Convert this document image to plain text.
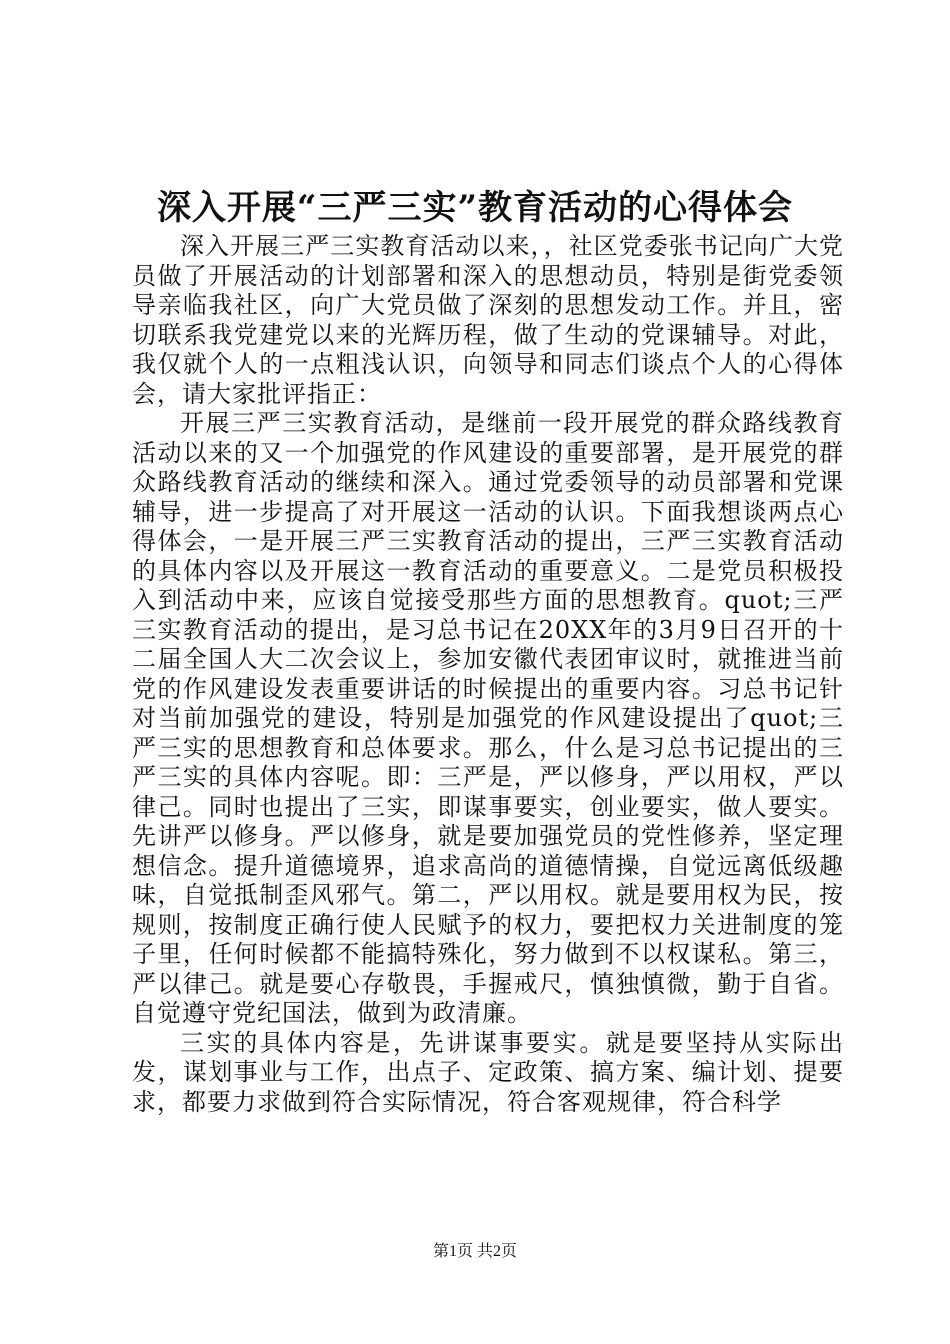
深入开展“三严三实”教育活动的心得体会

深入开展三严三实教育活动以来，，社区党委张书记向广大党员做了开展活动的计划部署和深入的思想动员，特别是街党委领导亲临我社区，向广大党员做了深刻的思想发动工作。并且，密切联系我党建党以来的光辉历程，做了生动的党课辅导。对此，我仅就个人的一点粗浅认识，向领导和同志们谈点个人的心得体会，请大家批评指正：

开展三严三实教育活动，是继前一段开展党的群众路线教育活动以来的又一个加强党的作风建设的重要部署，是开展党的群众路线教育活动的继续和深入。通过党委领导的动员部署和党课辅导，进一步提高了对开展这一活动的认识。下面我想谈两点心得体会，一是开展三严三实教育活动的提出，三严三实教育活动的具体内容以及开展这一教育活动的重要意义。二是党员积极投入到活动中来，应该自觉接受那些方面的思想教育。quot;三严三实教育活动的提出，是习总书记在20XX年的3月9日召开的十二届全国人大二次会议上，参加安徽代表团审议时，就推进当前党的作风建设发表重要讲话的时候提出的重要内容。习总书记针对当前加强党的建设，特别是加强党的作风建设提出了quot;三严三实的思想教育和总体要求。那么，什么是习总书记提出的三严三实的具体内容呢。即：三严是，严以修身，严以用权，严以律己。同时也提出了三实，即谋事要实，创业要实，做人要实。先讲严以修身。严以修身，就是要加强党员的党性修养，坚定理想信念。提升道德境界，追求高尚的道德情操，自觉远离低级趣味，自觉抵制歪风邪气。第二，严以用权。就是要用权为民，按规则，按制度正确行使人民赋予的权力，要把权力关进制度的笼子里，任何时候都不能搞特殊化，努力做到不以权谋私。第三，严以律己。就是要心存敬畏，手握戒尺，慎独慎微，勤于自省。自觉遵守党纪国法，做到为政清廉。

三实的具体内容是，先讲谋事要实。就是要坚持从实际出发，谋划事业与工作，出点子、定政策、搞方案、编计划、提要求，都要力求做到符合实际情况，符合客观规律，符合科学

第1页 共2页
